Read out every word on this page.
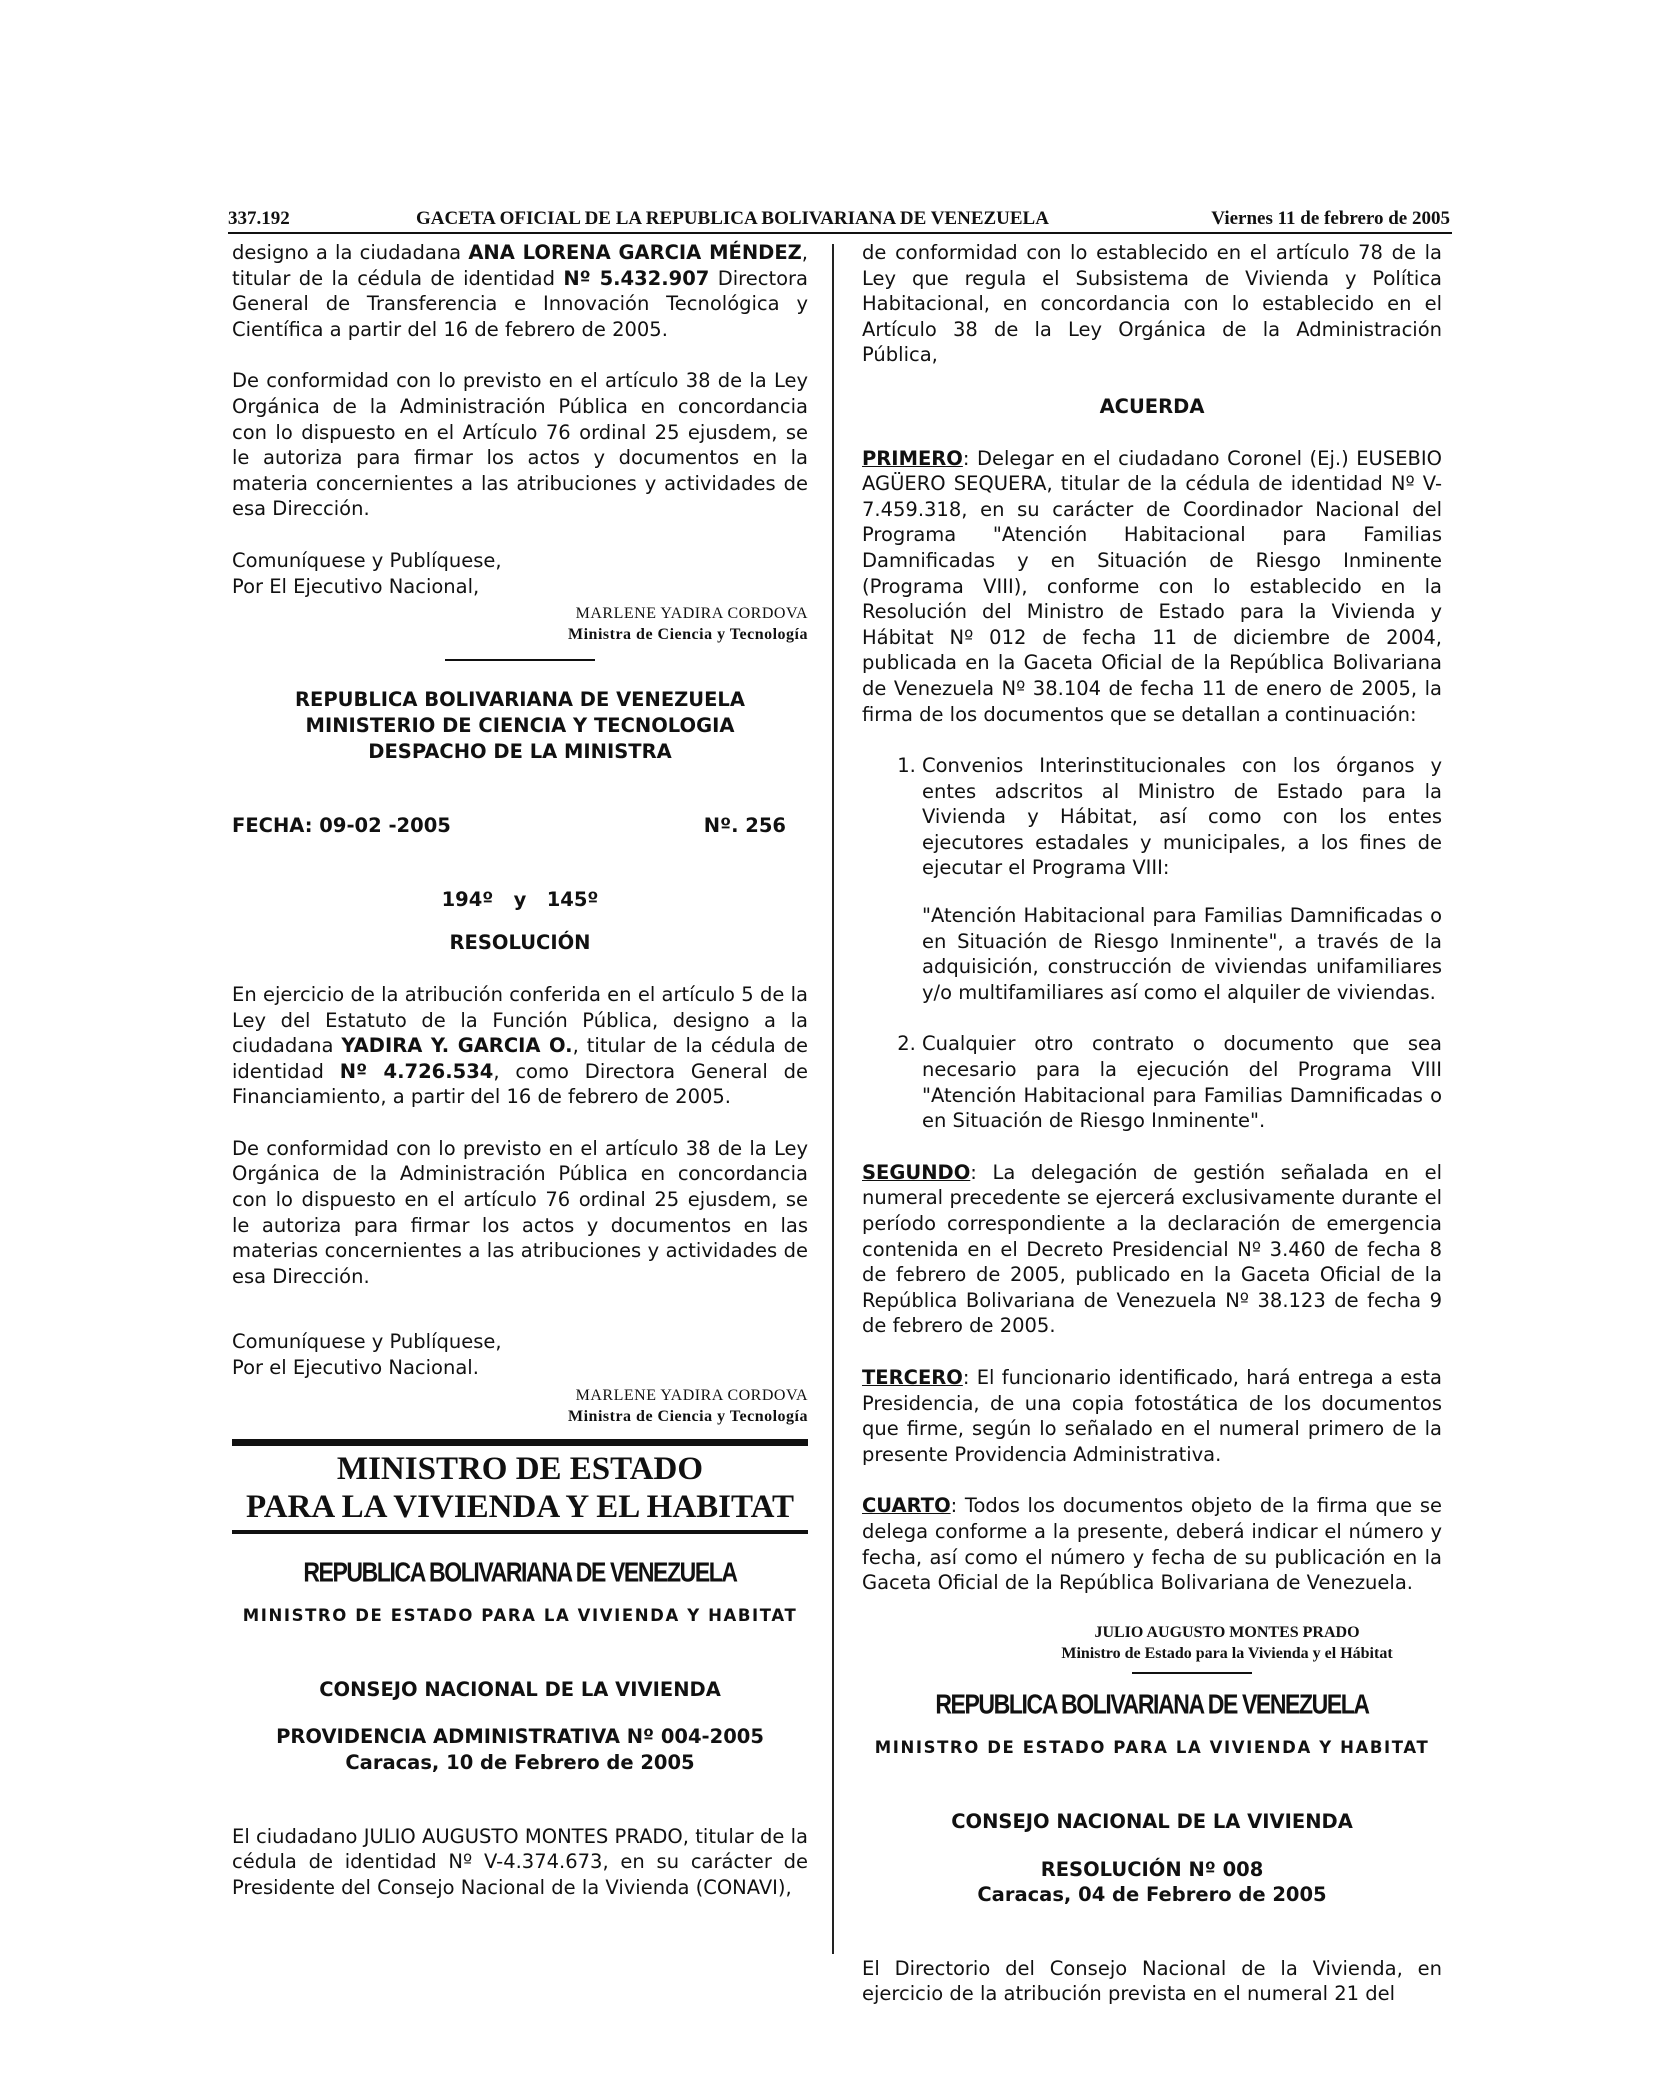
337.192	GACETA OFICIAL DE LA REPUBLICA BOLIVARIANA DE VENEZUELA	Viernes 11 de febrero de 2005

designo a la ciudadana ANA LORENA GARCIA MÉNDEZ, titular de la cédula de identidad Nº 5.432.907 Directora General de Transferencia e Innovación Tecnológica y Científica a partir del 16 de febrero de 2005.

De conformidad con lo previsto en el artículo 38 de la Ley Orgánica de la Administración Pública en concordancia con lo dispuesto en el Artículo 76 ordinal 25 ejusdem, se le autoriza para firmar los actos y documentos en la materia concernientes a las atribuciones y actividades de esa Dirección.

Comuníquese y Publíquese,
Por El Ejecutivo Nacional,
MARLENE YADIRA CORDOVA
Ministra de Ciencia y Tecnología
REPUBLICA BOLIVARIANA DE VENEZUELA
MINISTERIO DE CIENCIA Y TECNOLOGIA
DESPACHO DE LA MINISTRA
FECHA: 09-02 -2005	Nº. 256
194º   y   145º
RESOLUCIÓN

En ejercicio de la atribución conferida en el artículo 5 de la Ley del Estatuto de la Función Pública, designo a la ciudadana YADIRA Y. GARCIA O., titular de la cédula de identidad Nº 4.726.534, como Directora General de Financiamiento, a partir del 16 de febrero de 2005.

De conformidad con lo previsto en el artículo 38 de la Ley Orgánica de la Administración Pública en concordancia con lo dispuesto en el artículo 76 ordinal 25 ejusdem, se le autoriza para firmar los actos y documentos en las materias concernientes a las atribuciones y actividades de esa Dirección.

Comuníquese y Publíquese,
Por el Ejecutivo Nacional.
MARLENE YADIRA CORDOVA
Ministra de Ciencia y Tecnología
MINISTRO DE ESTADO
PARA LA VIVIENDA Y EL HABITAT
REPUBLICA BOLIVARIANA DE VENEZUELA
MINISTRO DE ESTADO PARA LA VIVIENDA Y HABITAT
CONSEJO NACIONAL DE LA VIVIENDA
PROVIDENCIA ADMINISTRATIVA Nº 004-2005
Caracas, 10 de Febrero de 2005

El ciudadano JULIO AUGUSTO MONTES PRADO, titular de la cédula de identidad Nº V-4.374.673, en su carácter de Presidente del Consejo Nacional de la Vivienda (CONAVI),

de conformidad con lo establecido en el artículo 78 de la Ley que regula el Subsistema de Vivienda y Política Habitacional, en concordancia con lo establecido en el Artículo 38 de la Ley Orgánica de la Administración Pública,

ACUERDA

PRIMERO: Delegar en el ciudadano Coronel (Ej.) EUSEBIO AGÜERO SEQUERA, titular de la cédula de identidad Nº V-7.459.318, en su carácter de Coordinador Nacional del Programa "Atención Habitacional para Familias Damnificadas y en Situación de Riesgo Inminente (Programa VIII), conforme con lo establecido en la Resolución del Ministro de Estado para la Vivienda y Hábitat Nº 012 de fecha 11 de diciembre de 2004, publicada en la Gaceta Oficial de la República Bolivariana de Venezuela Nº 38.104 de fecha 11 de enero de 2005, la firma de los documentos que se detallan a continuación:

1. Convenios Interinstitucionales con los órganos y entes adscritos al Ministro de Estado para la Vivienda y Hábitat, así como con los entes ejecutores estadales y municipales, a los fines de ejecutar el Programa VIII:

"Atención Habitacional para Familias Damnificadas o en Situación de Riesgo Inminente", a través de la adquisición, construcción de viviendas unifamiliares y/o multifamiliares así como el alquiler de viviendas.

2. Cualquier otro contrato o documento que sea necesario para la ejecución del Programa VIII "Atención Habitacional para Familias Damnificadas o en Situación de Riesgo Inminente".

SEGUNDO: La delegación de gestión señalada en el numeral precedente se ejercerá exclusivamente durante el período correspondiente a la declaración de emergencia contenida en el Decreto Presidencial Nº 3.460 de fecha 8 de febrero de 2005, publicado en la Gaceta Oficial de la República Bolivariana de Venezuela Nº 38.123 de fecha 9 de febrero de 2005.

TERCERO: El funcionario identificado, hará entrega a esta Presidencia, de una copia fotostática de los documentos que firme, según lo señalado en el numeral primero de la presente Providencia Administrativa.

CUARTO: Todos los documentos objeto de la firma que se delega conforme a la presente, deberá indicar el número y fecha, así como el número y fecha de su publicación en la Gaceta Oficial de la República Bolivariana de Venezuela.

JULIO AUGUSTO MONTES PRADO
Ministro de Estado para la Vivienda y el Hábitat
REPUBLICA BOLIVARIANA DE VENEZUELA
MINISTRO DE ESTADO PARA LA VIVIENDA Y HABITAT
CONSEJO NACIONAL DE LA VIVIENDA
RESOLUCIÓN Nº 008
Caracas, 04 de Febrero de 2005

El Directorio del Consejo Nacional de la Vivienda, en ejercicio de la atribución prevista en el numeral 21 del
